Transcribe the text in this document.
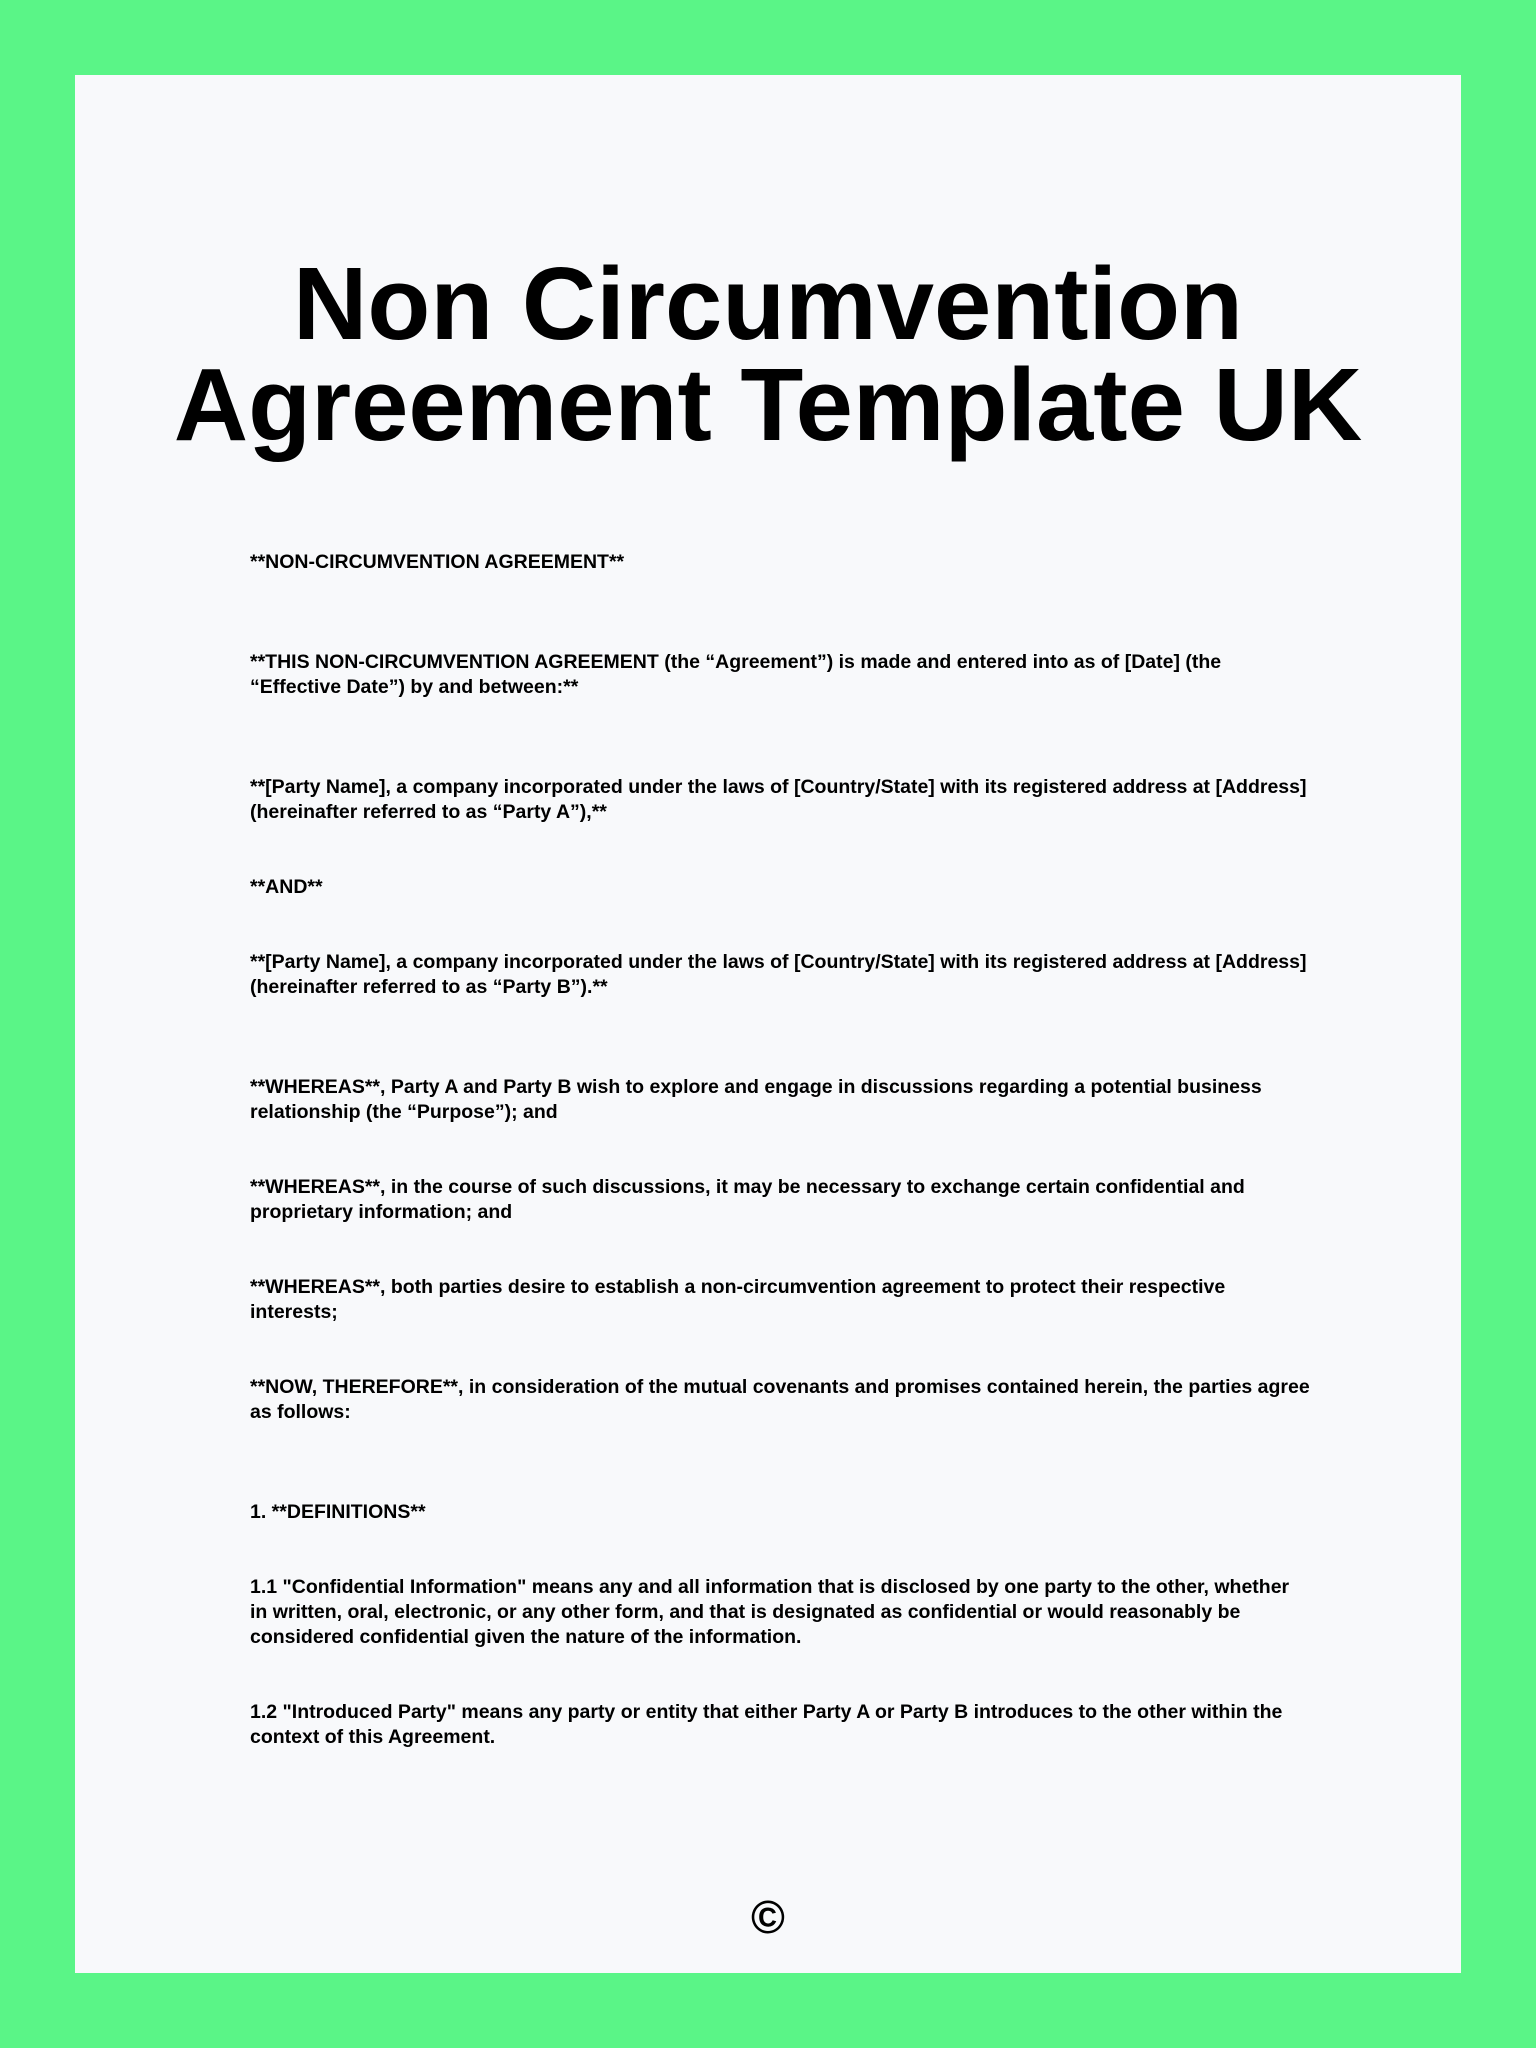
Non Circumvention
Agreement Template UK

**NON-CIRCUMVENTION AGREEMENT**

**THIS NON-CIRCUMVENTION AGREEMENT (the “Agreement”) is made and entered into as of [Date] (the “Effective Date”) by and between:**

**[Party Name], a company incorporated under the laws of [Country/State] with its registered address at [Address] (hereinafter referred to as “Party A”),**

**AND**

**[Party Name], a company incorporated under the laws of [Country/State] with its registered address at [Address] (hereinafter referred to as “Party B”).**

**WHEREAS**, Party A and Party B wish to explore and engage in discussions regarding a potential business relationship (the “Purpose”); and

**WHEREAS**, in the course of such discussions, it may be necessary to exchange certain confidential and proprietary information; and

**WHEREAS**, both parties desire to establish a non-circumvention agreement to protect their respective interests;

**NOW, THEREFORE**, in consideration of the mutual covenants and promises contained herein, the parties agree as follows:

1. **DEFINITIONS**

1.1 "Confidential Information" means any and all information that is disclosed by one party to the other, whether in written, oral, electronic, or any other form, and that is designated as confidential or would reasonably be considered confidential given the nature of the information.

1.2 "Introduced Party" means any party or entity that either Party A or Party B introduces to the other within the context of this Agreement.

©
